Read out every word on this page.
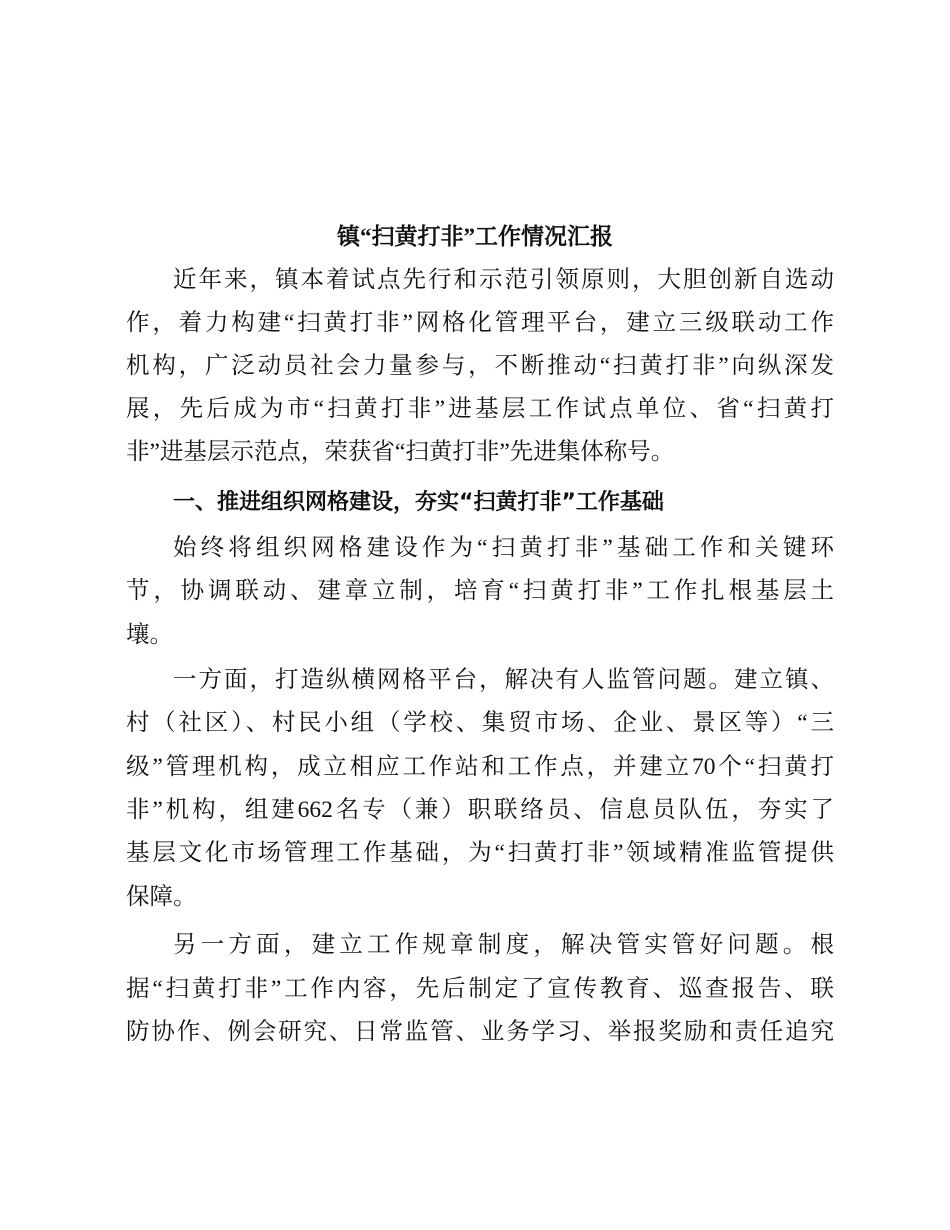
镇“扫黄打非”工作情况汇报
近年来，镇本着试点先行和示范引领原则，大胆创新自选动
作，着力构建“扫黄打非”网格化管理平台，建立三级联动工作
机构，广泛动员社会力量参与，不断推动“扫黄打非”向纵深发
展，先后成为市“扫黄打非”进基层工作试点单位、省“扫黄打
非”进基层示范点，荣获省“扫黄打非”先进集体称号。
一、推进组织网格建设，夯实“扫黄打非”工作基础
始终将组织网格建设作为“扫黄打非”基础工作和关键环
节，协调联动、建章立制，培育“扫黄打非”工作扎根基层土
壤。
一方面，打造纵横网格平台，解决有人监管问题。建立镇、
村（社区）、村民小组（学校、集贸市场、企业、景区等）“三
级”管理机构，成立相应工作站和工作点，并建立70个“扫黄打
非”机构，组建662名专（兼）职联络员、信息员队伍，夯实了
基层文化市场管理工作基础，为“扫黄打非”领域精准监管提供
保障。
另一方面，建立工作规章制度，解决管实管好问题。根
据“扫黄打非”工作内容，先后制定了宣传教育、巡查报告、联
防协作、例会研究、日常监管、业务学习、举报奖励和责任追究
